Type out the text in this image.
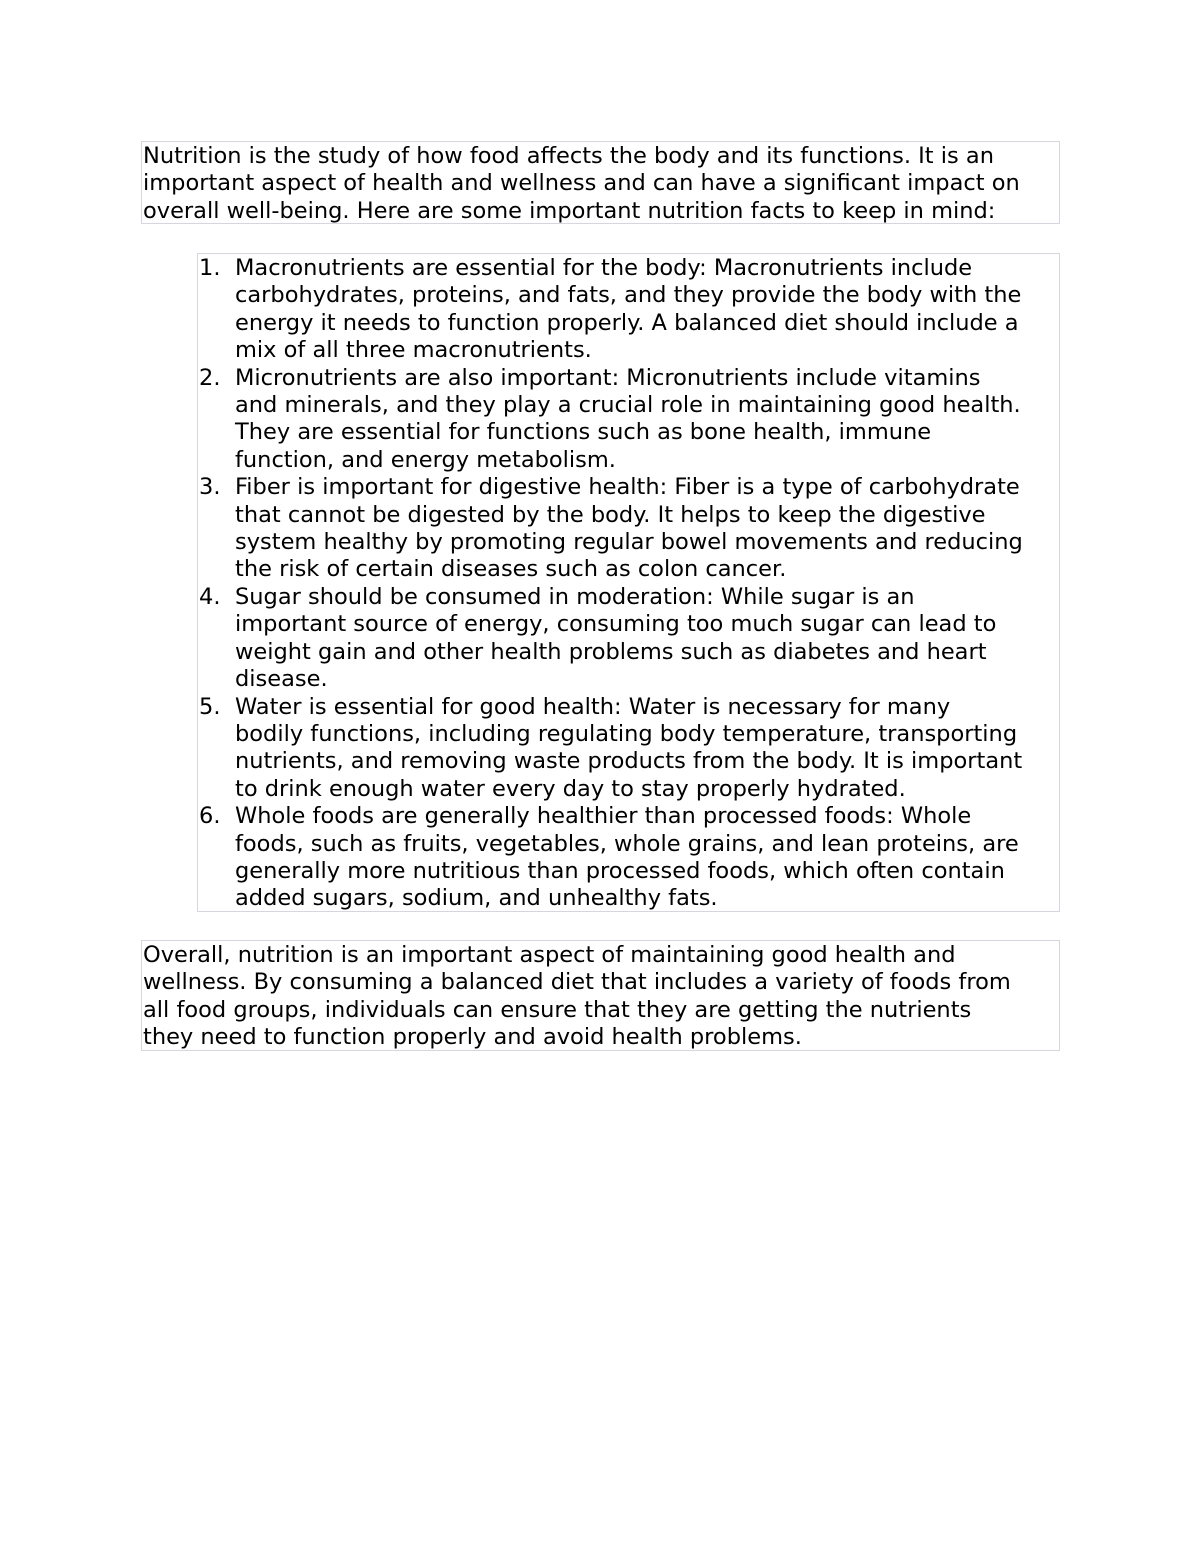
Nutrition is the study of how food affects the body and its functions. It is an

important aspect of health and wellness and can have a significant impact on

overall well-being. Here are some important nutrition facts to keep in mind:

1. Macronutrients are essential for the body: Macronutrients include

carbohydrates, proteins, and fats, and they provide the body with the

energy it needs to function properly. A balanced diet should include a

mix of all three macronutrients.

2. Micronutrients are also important: Micronutrients include vitamins

and minerals, and they play a crucial role in maintaining good health.

They are essential for functions such as bone health, immune

function, and energy metabolism.

3. Fiber is important for digestive health: Fiber is a type of carbohydrate

that cannot be digested by the body. It helps to keep the digestive

system healthy by promoting regular bowel movements and reducing

the risk of certain diseases such as colon cancer.

4. Sugar should be consumed in moderation: While sugar is an

important source of energy, consuming too much sugar can lead to

weight gain and other health problems such as diabetes and heart

disease.

5. Water is essential for good health: Water is necessary for many

bodily functions, including regulating body temperature, transporting

nutrients, and removing waste products from the body. It is important

to drink enough water every day to stay properly hydrated.

6. Whole foods are generally healthier than processed foods: Whole

foods, such as fruits, vegetables, whole grains, and lean proteins, are

generally more nutritious than processed foods, which often contain

added sugars, sodium, and unhealthy fats.

Overall, nutrition is an important aspect of maintaining good health and

wellness. By consuming a balanced diet that includes a variety of foods from

all food groups, individuals can ensure that they are getting the nutrients

they need to function properly and avoid health problems.
